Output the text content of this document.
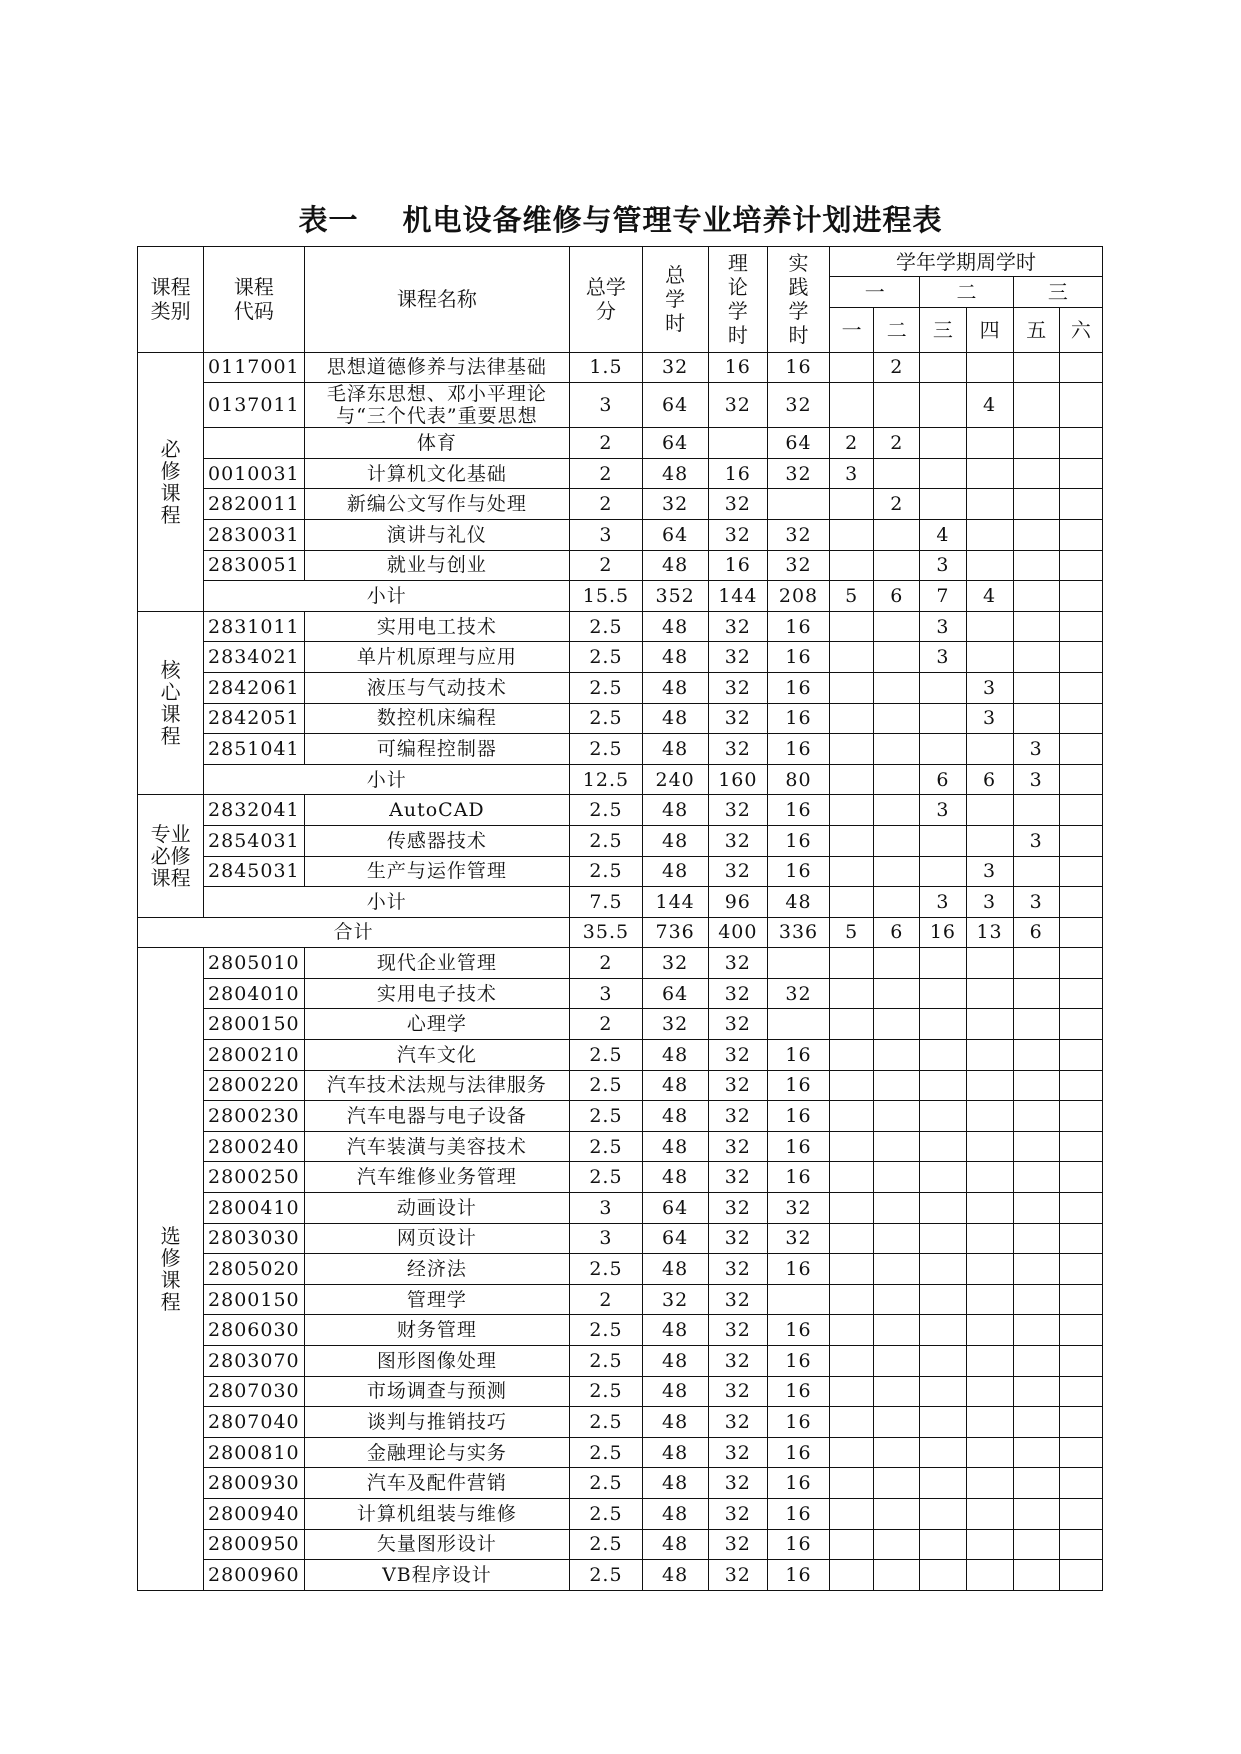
表一 机电设备维修与管理专业培养计划进程表
课程类别	课程代码	课程名称	总学分	总学时	理论学时	实践学时	学年学期周学时					
							一		二		三	
							一	二	三	四	五	六
必修课程	0117001	思想道德修养与法律基础	1.5	32	16	16		2				
	0137011	毛泽东思想、邓小平理论与“三个代表”重要思想	3	64	32	32				4		
		体育	2	64		64	2	2				
	0010031	计算机文化基础	2	48	16	32	3					
	2820011	新编公文写作与处理	2	32	32			2				
	2830031	演讲与礼仪	3	64	32	32			4			
	2830051	就业与创业	2	48	16	32			3			
	小计		15.5	352	144	208	5	6	7	4		
核心课程	2831011	实用电工技术	2.5	48	32	16			3			
	2834021	单片机原理与应用	2.5	48	32	16			3			
	2842061	液压与气动技术	2.5	48	32	16				3		
	2842051	数控机床编程	2.5	48	32	16				3		
	2851041	可编程控制器	2.5	48	32	16					3	
	小计		12.5	240	160	80			6	6	3	
专业必修课程	2832041	AutoCAD	2.5	48	32	16			3			
	2854031	传感器技术	2.5	48	32	16					3	
	2845031	生产与运作管理	2.5	48	32	16				3		
	小计		7.5	144	96	48			3	3	3	
合计			35.5	736	400	336	5	6	16	13	6	
选修课程	2805010	现代企业管理	2	32	32							
	2804010	实用电子技术	3	64	32	32						
	2800150	心理学	2	32	32							
	2800210	汽车文化	2.5	48	32	16						
	2800220	汽车技术法规与法律服务	2.5	48	32	16						
	2800230	汽车电器与电子设备	2.5	48	32	16						
	2800240	汽车装潢与美容技术	2.5	48	32	16						
	2800250	汽车维修业务管理	2.5	48	32	16						
	2800410	动画设计	3	64	32	32						
	2803030	网页设计	3	64	32	32						
	2805020	经济法	2.5	48	32	16						
	2800150	管理学	2	32	32							
	2806030	财务管理	2.5	48	32	16						
	2803070	图形图像处理	2.5	48	32	16						
	2807030	市场调查与预测	2.5	48	32	16						
	2807040	谈判与推销技巧	2.5	48	32	16						
	2800810	金融理论与实务	2.5	48	32	16						
	2800930	汽车及配件营销	2.5	48	32	16						
	2800940	计算机组装与维修	2.5	48	32	16						
	2800950	矢量图形设计	2.5	48	32	16						
	2800960	VB程序设计	2.5	48	32	16						
